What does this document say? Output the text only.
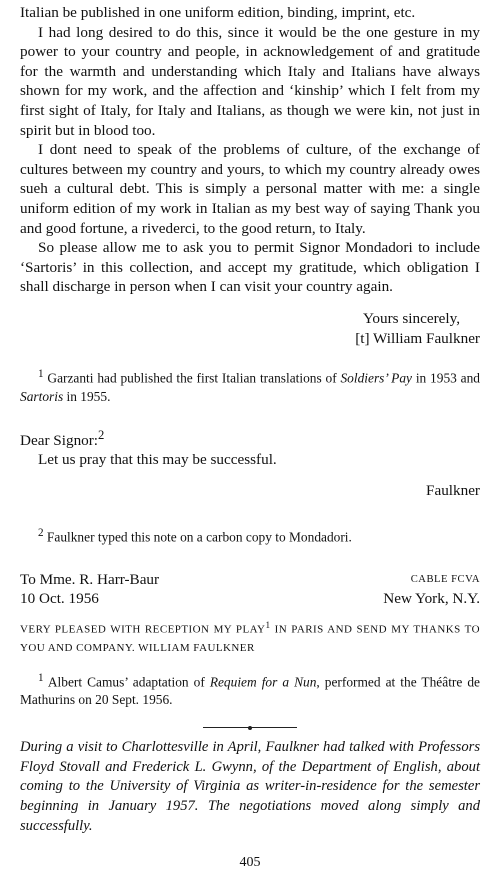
Italian be published in one uniform edition, binding, imprint, etc.

I had long desired to do this, since it would be the one gesture in my power to your country and people, in acknowledgement of and gratitude for the warmth and understanding which Italy and Italians have always shown for my work, and the affection and ‘kinship’ which I felt from my first sight of Italy, for Italy and Italians, as though we were kin, not just in spirit but in blood too.

I dont need to speak of the problems of culture, of the exchange of cultures between my country and yours, to which my country already owes sueh a cultural debt. This is simply a personal matter with me: a single uniform edition of my work in Italian as my best way of saying Thank you and good fortune, a rivederci, to the good return, to Italy.

So please allow me to ask you to permit Signor Mondadori to include ‘Sartoris’ in this collection, and accept my gratitude, which obligation I shall discharge in person when I can visit your country again.

Yours sincerely,

[t] William Faulkner

$^1$ Garzanti had published the first Italian translations of Soldiers’ Pay in 1953 and Sartoris in 1955.

Dear Signor:$^2$

Let us pray that this may be successful.

Faulkner

$^2$ Faulkner typed this note on a carbon copy to Mondadori.

To Mme. R. Harr-Baur	CABLE FCVA
10 Oct. 1956	New York, N.Y.

VERY PLEASED WITH RECEPTION MY PLAY$^1$ IN PARIS AND SEND MY THANKS TO YOU AND COMPANY. WILLIAM FAULKNER

$^1$ Albert Camus’ adaptation of Requiem for a Nun, performed at the Théâtre de Mathurins on 20 Sept. 1956.

During a visit to Charlottesville in April, Faulkner had talked with Professors Floyd Stovall and Frederick L. Gwynn, of the Department of English, about coming to the University of Virginia as writer-in-residence for the semester beginning in January 1957. The negotiations moved along simply and successfully.

405
